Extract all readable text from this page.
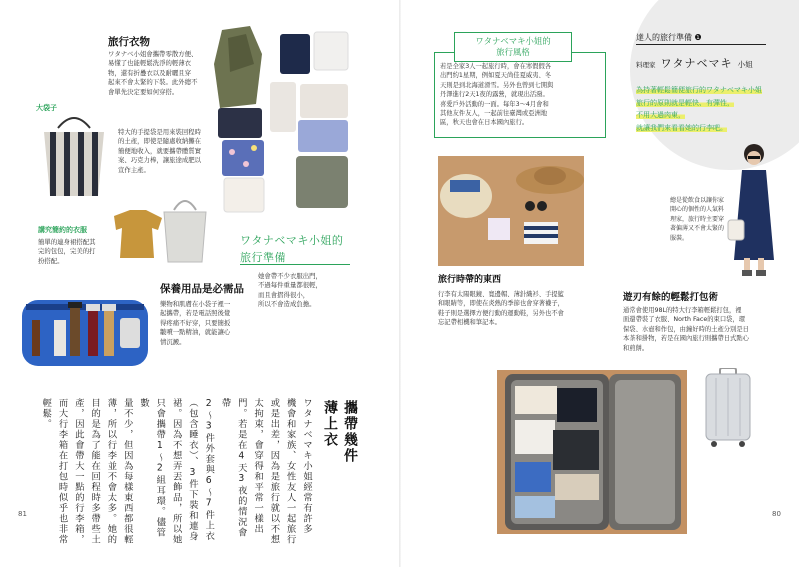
旅行衣物
ワタナベ小姐會攜帶零散方便、
易懂了也能輕鬆洗淨的輕薄衣
物，還有折疊衣以及耐曬且穿
起來不會太緊的下裝。此外總不
會單先決定要如何穿搭。
大袋子
特大的手提袋是用來裝回程時
的土產，即使是隨處收納攤在
簡便地收入，就要攜帶體質實
案、巧克力棒，讓旅途成肥以
宣作主產。
講究簡約的衣服
簡單的連身裙搭配其
完的包包，完美的打
扮搭配。
ワタナベマキ小姐的
旅行準備
她會帶不少衣服出門，
不過每件重量都很輕，
而且會摺得很小，
所以不會造成負擔。
保養用品是必需品
樂物和肌膚在小袋子裡一
起攜帶，若是電話照後覺
得疼痛不好穿，只要簡扳
皺噴一點精油，就能讓心
情沉澱。
攜帶幾件
薄上衣
ワタナベマキ小姐經常有許多
機會和家族、女性友人一起旅行
或是出差，因為是旅行就以不想
太拘束，會穿得和平常一樣出
門。若是在4天3夜的情況會帶
2～3件外套與6～7件上衣
（包含睡衣）、3件下裝和連身
裙。因為不想弄丟飾品，所以她
只會攜帶1～2組耳環。儘管數
量不少，但因為每樣東西都很輕
薄，所以行李並不會太多。她的
目的是為了能在回程時多帶些土
產，因此會帶大一點的行李箱，
而大行李箱在打包時似乎也非常
輕鬆。
81
ワタナベマキ小姐的
旅行風格
若是全家3人一起旅行時，會在寒假假各
出門約1星期，例如夏天尚佳夏威夷、冬
天則是到北海道滑雪。另外也曾到七開與
丹澤進行2天1夜的露營，就現出活潑。
喜愛戶外活動的一面。每年3～4月會和
其他友件友人，一起前往臺灣或亞洲地
區，秋天也會在日本國內旅行。
達人的旅行準備 ❶
料理家 ワタナベマキ 小姐
為持著輕鬆簡便旅行的ワタナベマキ小姐
旅行的原則就是輕快、有彈性，
不用大過肉東，
就讓我們來看看她的行李吧。
總是從飲食以讓你家
開心的個性的人氣料
理家，旅行時主要穿
著偏薄又不會太緊的
服裝。
旅行時帶的東西
行李有太陽眼鏡、寬邊帽、薄針織衫、手提籃
和眼睛等，即使在炎熱的季節也會穿著襪子，
鞋子則是選擇方便行動的運動鞋，另外也不會
忘記帶相機和筆記本。
遊刃有餘的輕鬆打包術
通常會使用98L的特大行李箱輕鬆打包，裡
面還帶裝了衣服、North Face的束口袋，環
保袋、水壺和作包，由鐘好時的土產分別是日
本茶和掛物，若是在國內旅行則攜帶日式點心
和煎餅。
80
